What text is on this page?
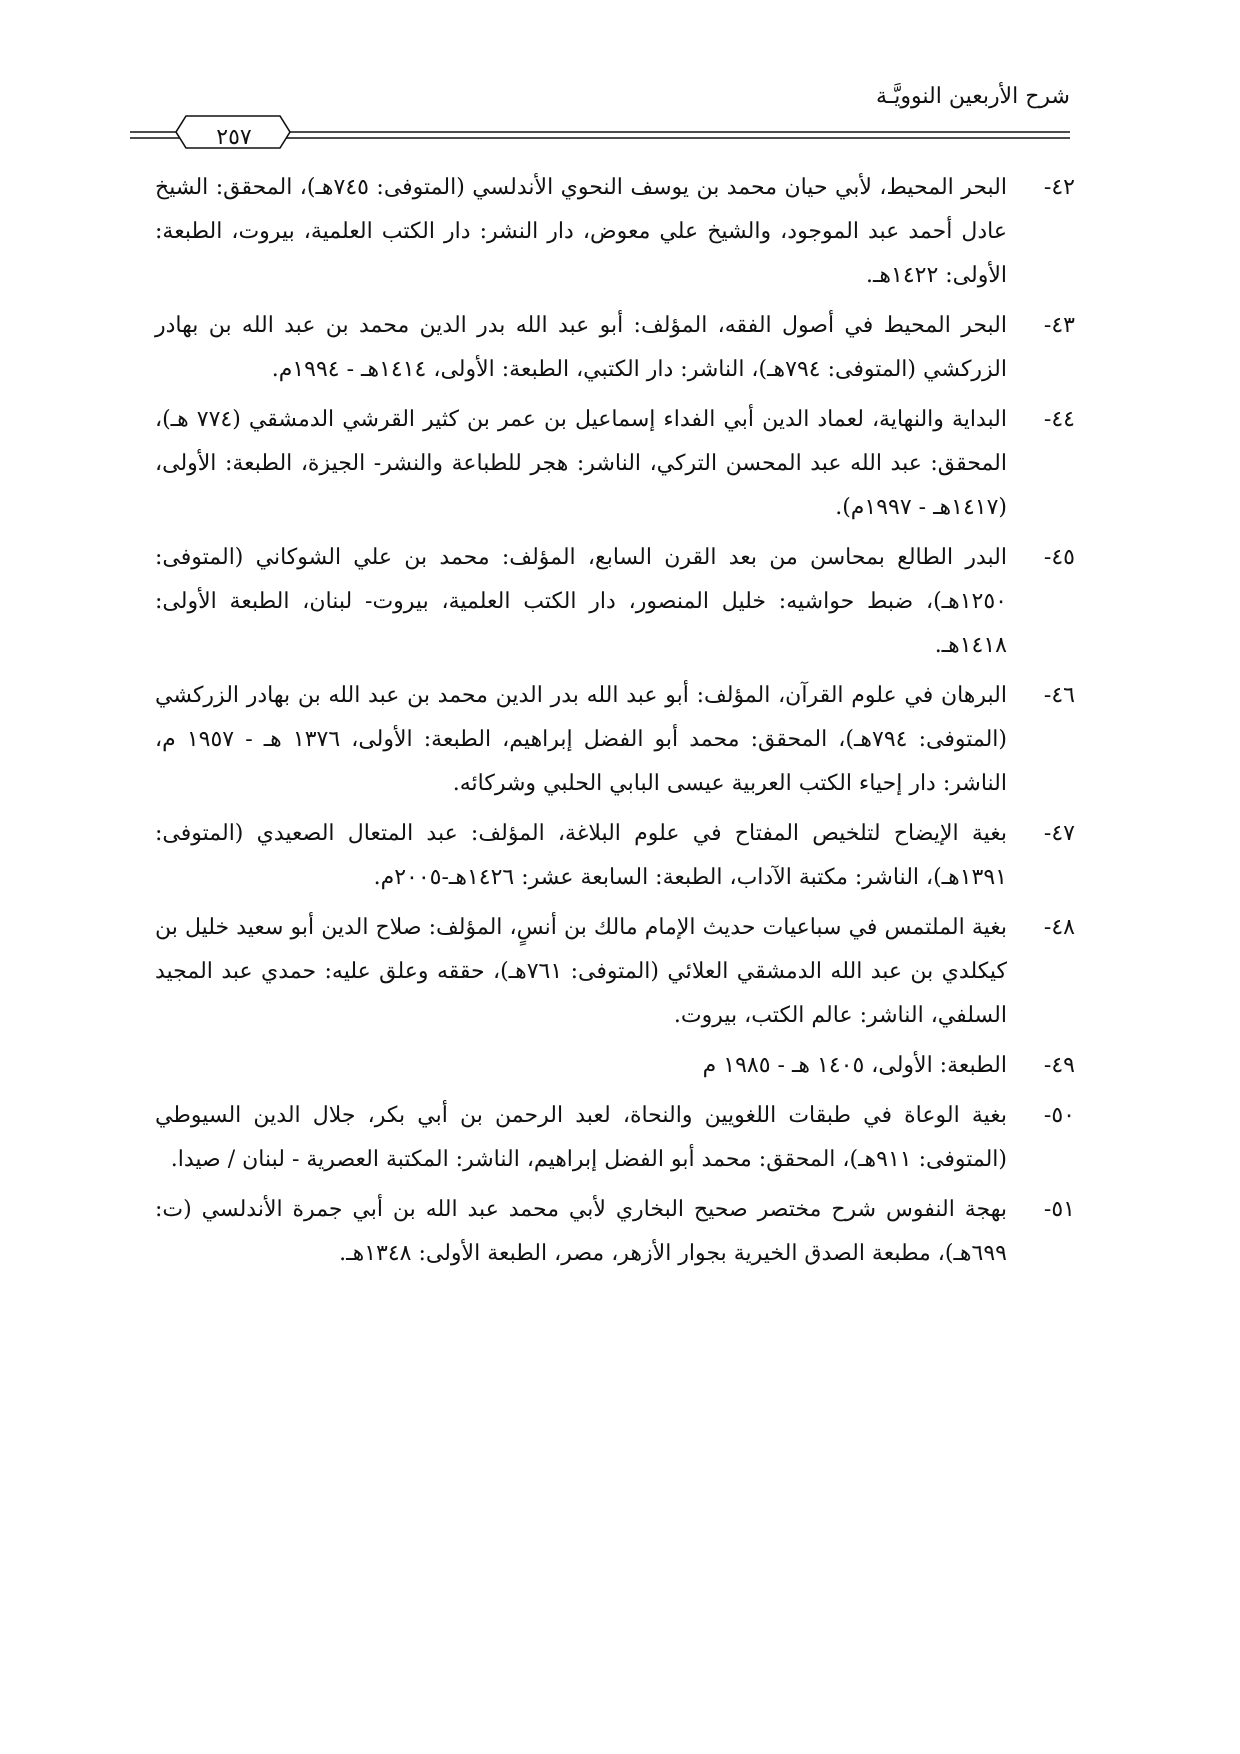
شرح الأربعين النوويَّـة
٢٥٧
٤٢-
البحر المحيط، لأبي حيان محمد بن يوسف النحوي الأندلسي (المتوفى: ٧٤٥هـ)، المحقق: الشيخ عادل أحمد عبد الموجود، والشيخ علي معوض، دار النشر: دار الكتب العلمية، بيروت، الطبعة: الأولى: ١٤٢٢هـ.
٤٣-
البحر المحيط في أصول الفقه، المؤلف: أبو عبد الله بدر الدين محمد بن عبد الله بن بهادر الزركشي (المتوفى: ٧٩٤هـ)، الناشر: دار الكتبي، الطبعة: الأولى، ١٤١٤هـ - ١٩٩٤م.
٤٤-
البداية والنهاية، لعماد الدين أبي الفداء إسماعيل بن عمر بن كثير القرشي الدمشقي (٧٧٤ هـ)، المحقق: عبد الله عبد المحسن التركي، الناشر: هجر للطباعة والنشر- الجيزة، الطبعة: الأولى، (١٤١٧هـ - ١٩٩٧م).
٤٥-
البدر الطالع بمحاسن من بعد القرن السابع، المؤلف: محمد بن علي الشوكاني (المتوفى: ١٢٥٠هـ)، ضبط حواشيه: خليل المنصور، دار الكتب العلمية، بيروت- لبنان، الطبعة الأولى: ١٤١٨هـ.
٤٦-
البرهان في علوم القرآن، المؤلف: أبو عبد الله بدر الدين محمد بن عبد الله بن بهادر الزركشي (المتوفى: ٧٩٤هـ)، المحقق: محمد أبو الفضل إبراهيم، الطبعة: الأولى، ١٣٧٦ هـ - ١٩٥٧ م، الناشر: دار إحياء الكتب العربية عيسى البابي الحلبي وشركائه.
٤٧-
بغية الإيضاح لتلخيص المفتاح في علوم البلاغة، المؤلف: عبد المتعال الصعيدي (المتوفى: ١٣٩١هـ)، الناشر: مكتبة الآداب، الطبعة: السابعة عشر: ١٤٢٦هـ-٢٠٠٥م.
٤٨-
بغية الملتمس في سباعيات حديث الإمام مالك بن أنسٍ، المؤلف: صلاح الدين أبو سعيد خليل بن كيكلدي بن عبد الله الدمشقي العلائي (المتوفى: ٧٦١هـ)، حققه وعلق عليه: حمدي عبد المجيد السلفي، الناشر: عالم الكتب، بيروت.
٤٩-
الطبعة: الأولى، ١٤٠٥ هـ - ١٩٨٥ م
٥٠-
بغية الوعاة في طبقات اللغويين والنحاة، لعبد الرحمن بن أبي بكر، جلال الدين السيوطي (المتوفى: ٩١١هـ)، المحقق: محمد أبو الفضل إبراهيم، الناشر: المكتبة العصرية - لبنان / صيدا.
٥١-
بهجة النفوس شرح مختصر صحيح البخاري لأبي محمد عبد الله بن أبي جمرة الأندلسي (ت: ٦٩٩هـ)، مطبعة الصدق الخيرية بجوار الأزهر، مصر، الطبعة الأولى: ١٣٤٨هـ.
